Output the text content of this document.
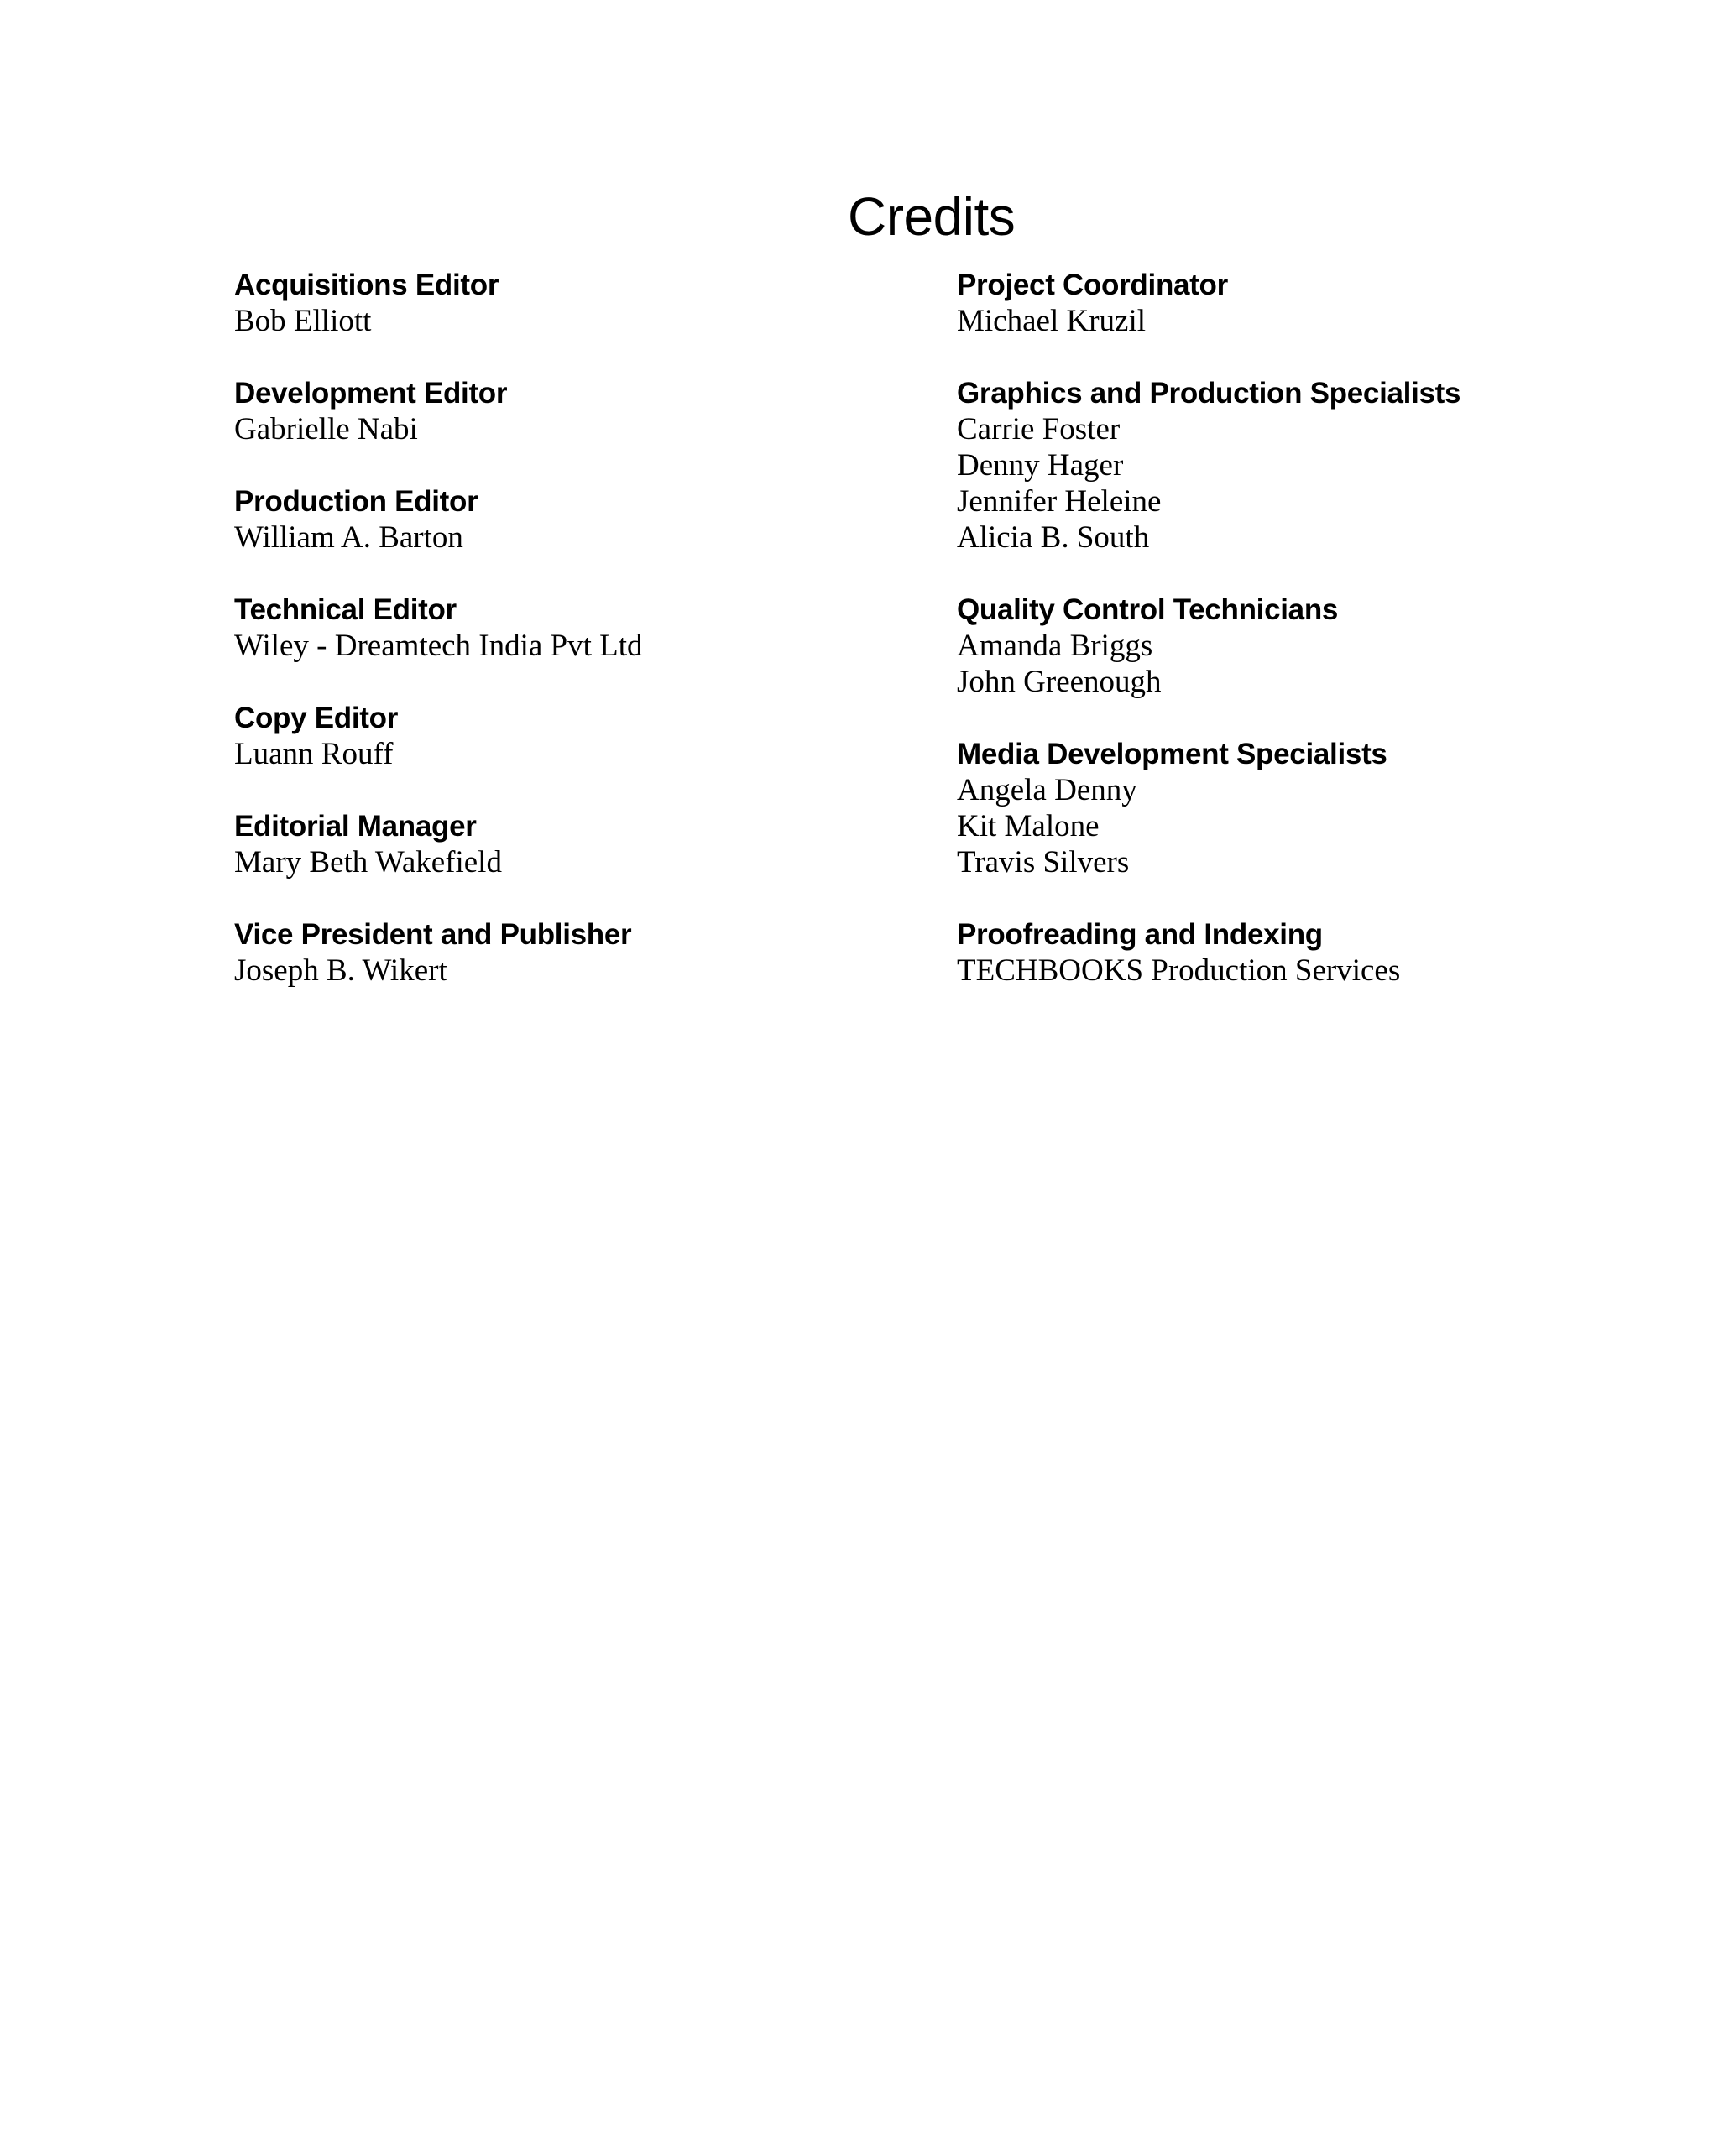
Credits
Acquisitions Editor
Bob Elliott
Development Editor
Gabrielle Nabi
Production Editor
William A. Barton
Technical Editor
Wiley - Dreamtech India Pvt Ltd
Copy Editor
Luann Rouff
Editorial Manager
Mary Beth Wakefield
Vice President and Publisher
Joseph B. Wikert
Project Coordinator
Michael Kruzil
Graphics and Production Specialists
Carrie Foster
Denny Hager
Jennifer Heleine
Alicia B. South
Quality Control Technicians
Amanda Briggs
John Greenough
Media Development Specialists
Angela Denny
Kit Malone
Travis Silvers
Proofreading and Indexing
TECHBOOKS Production Services
